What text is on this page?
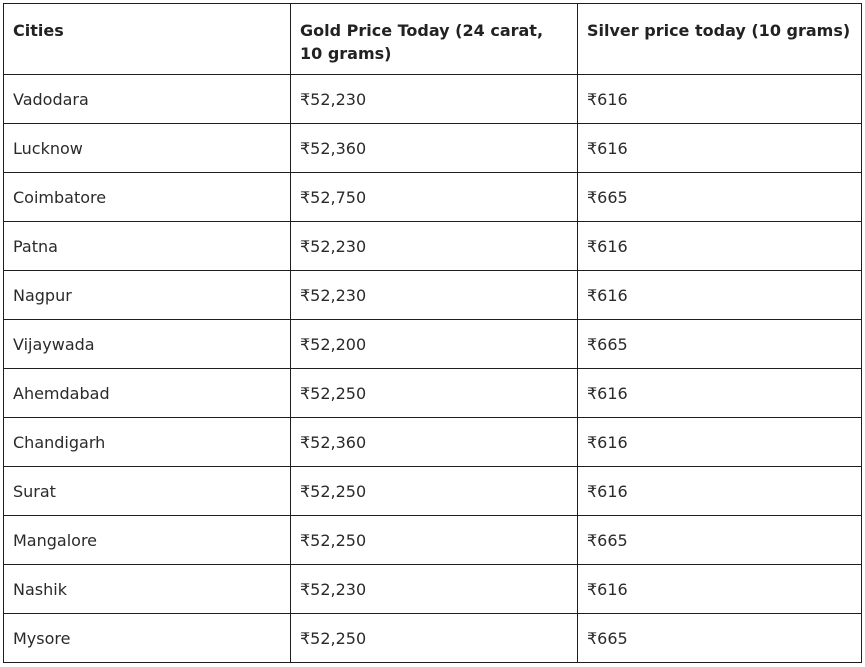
Cities	Gold Price Today (24 carat, 10 grams)	Silver price today (10 grams)
Vadodara	₹52,230	₹616
Lucknow	₹52,360	₹616
Coimbatore	₹52,750	₹665
Patna	₹52,230	₹616
Nagpur	₹52,230	₹616
Vijaywada	₹52,200	₹665
Ahemdabad	₹52,250	₹616
Chandigarh	₹52,360	₹616
Surat	₹52,250	₹616
Mangalore	₹52,250	₹665
Nashik	₹52,230	₹616
Mysore	₹52,250	₹665
